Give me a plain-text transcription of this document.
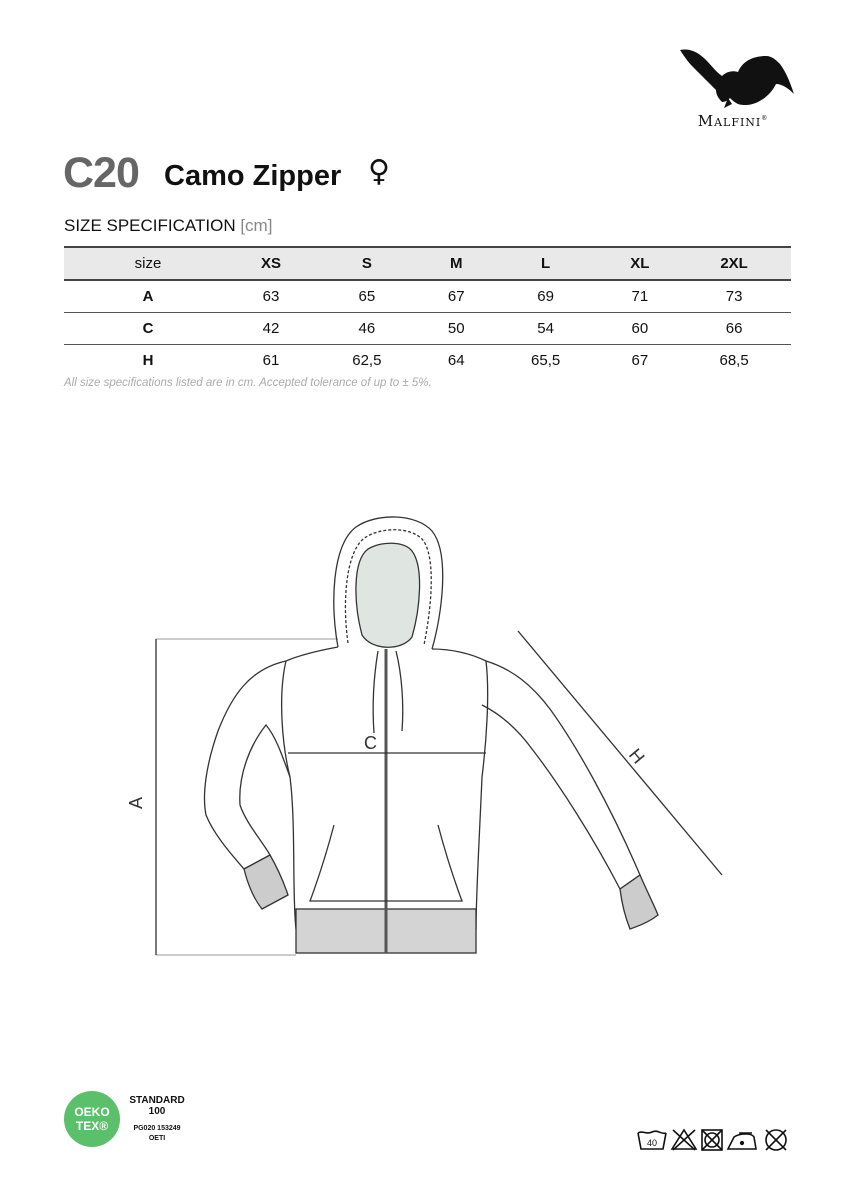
Malfini®
C20 Camo Zipper ♀
SIZE SPECIFICATION [cm]
size	XS	S	M	L	XL	2XL
A	63	65	67	69	71	73
C	42	46	50	54	60	66
H	61	62,5	64	65,5	67	68,5
All size specifications listed are in cm. Accepted tolerance of up to ± 5%.
C
A
H
OEKO
TEX®
STANDARD
100
PG020 153249
OETI	40
